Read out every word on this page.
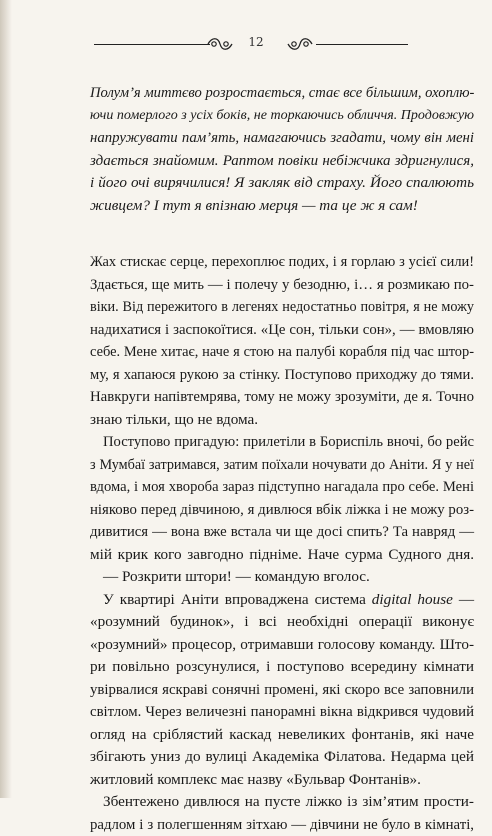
12
Полум’я миттєво розростається, стає все більшим, охоплю-
ючи померлого з усіх боків, не торкаючись обличчя. Продовжую
напружувати пам’ять, намагаючись згадати, чому він мені
здається знайомим. Раптом повіки небіжчика здригнулися,
і його очі вирячилися! Я закляк від страху. Його спалюють
живцем? І тут я впізнаю мерця — та це ж я сам!
Жах стискає серце, перехоплює подих, і я горлаю з усієї сили!
Здається, ще мить — і полечу у безодню, і… я розмикаю по-
віки. Від пережитого в легенях недостатньо повітря, я не можу
надихатися і заспокоїтися. «Це сон, тільки сон», — вмовляю
себе. Мене хитає, наче я стою на палубі корабля під час штор-
му, я хапаюся рукою за стінку. Поступово приходжу до тями.
Навкруги напівтемрява, тому не можу зрозуміти, де я. Точно
знаю тільки, що не вдома.
Поступово пригадую: прилетіли в Бориспіль вночі, бо рейс
з Мумбаї затримався, затим поїхали ночувати до Аніти. Я у неї
вдома, і моя хвороба зараз підступно нагадала про себе. Мені
ніяково перед дівчиною, я дивлюся вбік ліжка і не можу роз-
дивитися — вона вже встала чи ще досі спить? Та навряд —
мій крик кого завгодно підніме. Наче сурма Судного дня.
— Розкрити штори! — командую вголос.
У квартирі Аніти впроваджена система digital house —
«розумний будинок», і всі необхідні операції виконує
«розумний» процесор, отримавши голосову команду. Што-
ри повільно розсунулися, і поступово всередину кімнати
увірвалися яскраві сонячні промені, які скоро все заповнили
світлом. Через величезні панорамні вікна відкрився чудовий
огляд на сріблястий каскад невеликих фонтанів, які наче
збігають униз до вулиці Академіка Філатова. Недарма цей
житловий комплекс має назву «Бульвар Фонтанів».
Збентежено дивлюся на пусте ліжко із зім’ятим прости-
радлом і з полегшенням зітхаю — дівчини не було в кімнаті,
